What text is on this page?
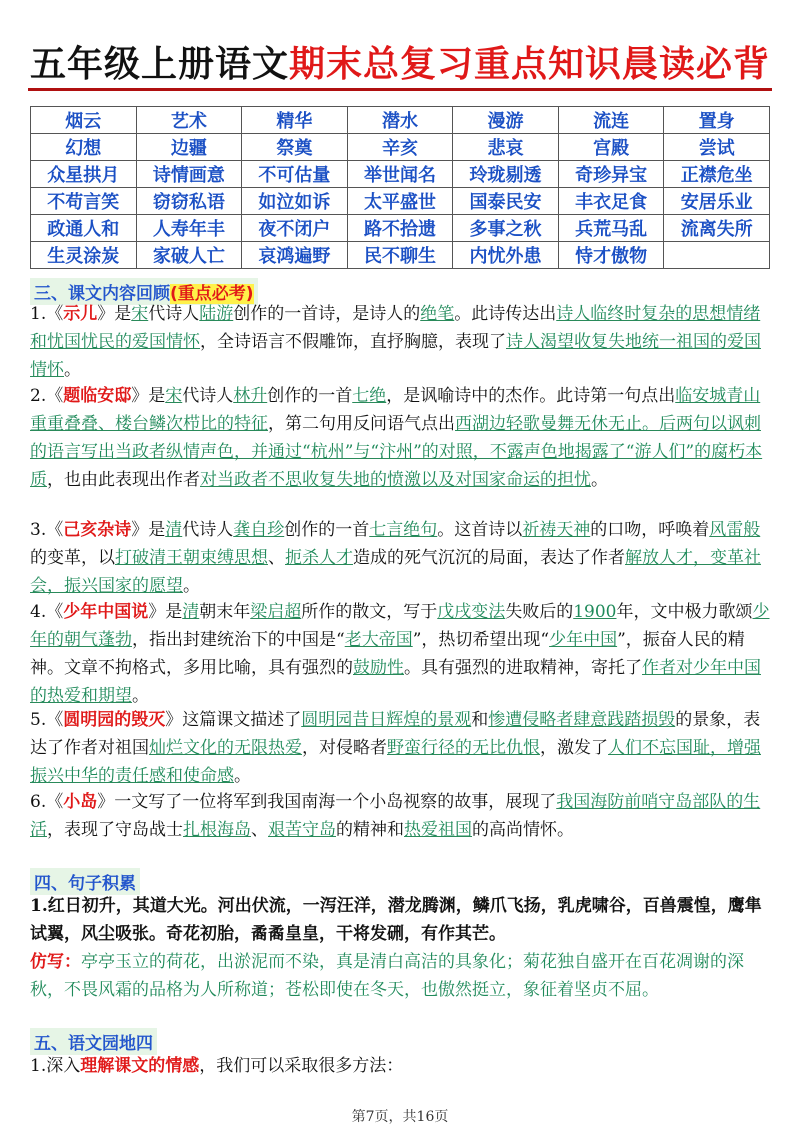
五年级上册语文期末总复习重点知识晨读必背
烟云	艺术	精华	潜水	漫游	流连	置身
幻想	边疆	祭奠	辛亥	悲哀	宫殿	尝试
众星拱月	诗情画意	不可估量	举世闻名	玲珑剔透	奇珍异宝	正襟危坐
不苟言笑	窃窃私语	如泣如诉	太平盛世	国泰民安	丰衣足食	安居乐业
政通人和	人寿年丰	夜不闭户	路不拾遗	多事之秋	兵荒马乱	流离失所
生灵涂炭	家破人亡	哀鸿遍野	民不聊生	内忧外患	恃才傲物	
三、课文内容回顾(重点必考)

1.《示儿》是宋代诗人陆游创作的一首诗，是诗人的绝笔。此诗传达出诗人临终时复杂的思想情绪和忧国忧民的爱国情怀，全诗语言不假雕饰，直抒胸臆，表现了诗人渴望收复失地统一祖国的爱国情怀。

2.《题临安邸》是宋代诗人林升创作的一首七绝，是讽喻诗中的杰作。此诗第一句点出临安城青山重重叠叠、楼台鳞次栉比的特征，第二句用反问语气点出西湖边轻歌曼舞无休无止。后两句以讽刺的语言写出当政者纵情声色，并通过“杭州”与“汴州”的对照，不露声色地揭露了“游人们”的腐朽本质，也由此表现出作者对当政者不思收复失地的愤激以及对国家命运的担忧。

3.《己亥杂诗》是清代诗人龚自珍创作的一首七言绝句。这首诗以祈祷天神的口吻，呼唤着风雷般的变革，以打破清王朝束缚思想、扼杀人才造成的死气沉沉的局面，表达了作者解放人才，变革社会，振兴国家的愿望。

4.《少年中国说》是清朝末年梁启超所作的散文，写于戊戌变法失败后的1900年，文中极力歌颂少年的朝气蓬勃，指出封建统治下的中国是“老大帝国”，热切希望出现“少年中国”，振奋人民的精神。文章不拘格式，多用比喻，具有强烈的鼓励性。具有强烈的进取精神，寄托了作者对少年中国的热爱和期望。

5.《圆明园的毁灭》这篇课文描述了圆明园昔日辉煌的景观和惨遭侵略者肆意践踏损毁的景象，表达了作者对祖国灿烂文化的无限热爱，对侵略者野蛮行径的无比仇恨，激发了人们不忘国耻，增强振兴中华的责任感和使命感。

6.《小岛》一文写了一位将军到我国南海一个小岛视察的故事，展现了我国海防前哨守岛部队的生活，表现了守岛战士扎根海岛、艰苦守岛的精神和热爱祖国的高尚情怀。

四、句子积累

1.红日初升，其道大光。河出伏流，一泻汪洋，潜龙腾渊，鳞爪飞扬，乳虎啸谷，百兽震惶，鹰隼试翼，风尘吸张。奇花初胎，矞矞皇皇，干将发硎，有作其芒。

仿写：亭亭玉立的荷花，出淤泥而不染，真是清白高洁的具象化；菊花独自盛开在百花凋谢的深秋，不畏风霜的品格为人所称道；苍松即使在冬天，也傲然挺立，象征着坚贞不屈。

五、语文园地四

1.深入理解课文的情感，我们可以采取很多方法：

第7页，共16页
